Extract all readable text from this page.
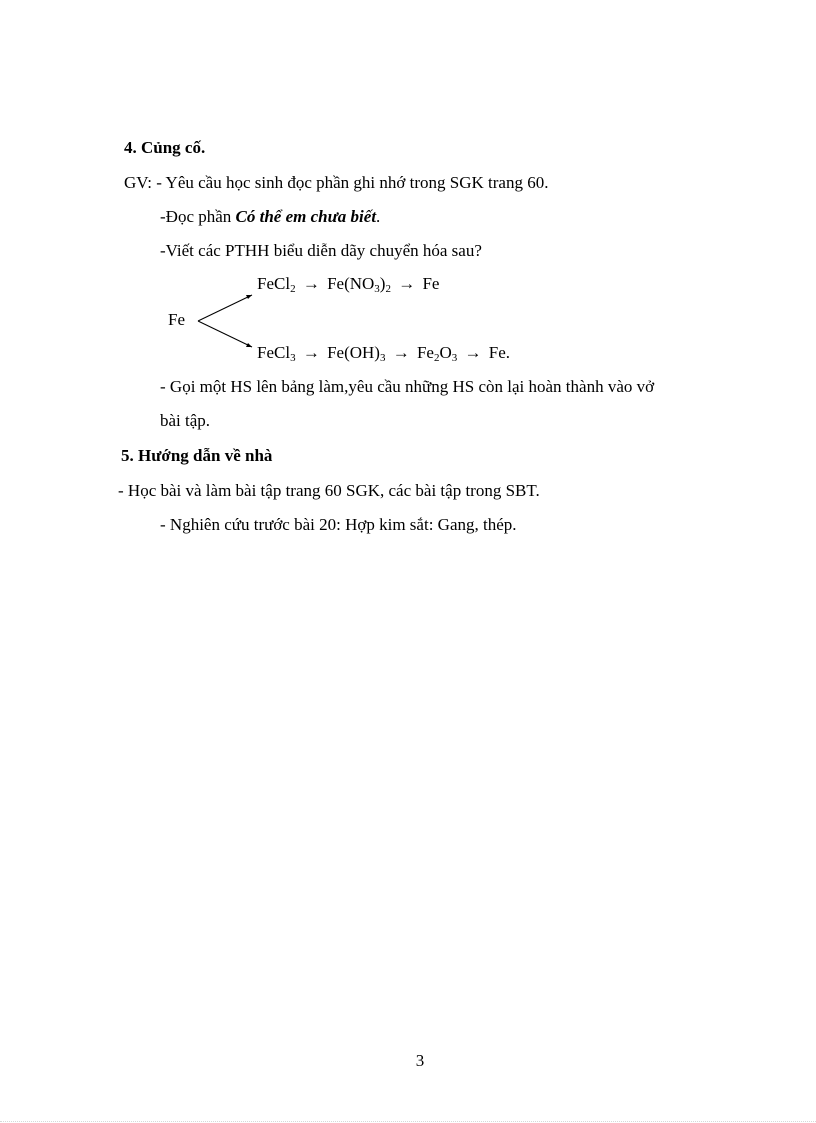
4. Củng cố.
GV: - Yêu cầu học sinh đọc phần ghi nhớ trong SGK trang 60.
-Đọc phần Có thể em chưa biết.
-Viết các PTHH biểu diễn dãy chuyển hóa sau?
Fe
FeCl$_2$ → $Fe(NO_3)_2 \to Fe$
FeCl$_3$ → $Fe(OH)_3 \to Fe_2O_3 \to Fe$.
- Gọi một HS lên bảng làm,yêu cầu những HS còn lại hoàn thành vào vở
bài tập.
5. Hướng dẫn về nhà
- Học bài và làm bài tập trang 60 SGK, các bài tập trong SBT.
- Nghiên cứu trước bài 20: Hợp kim sắt: Gang, thép.
3
